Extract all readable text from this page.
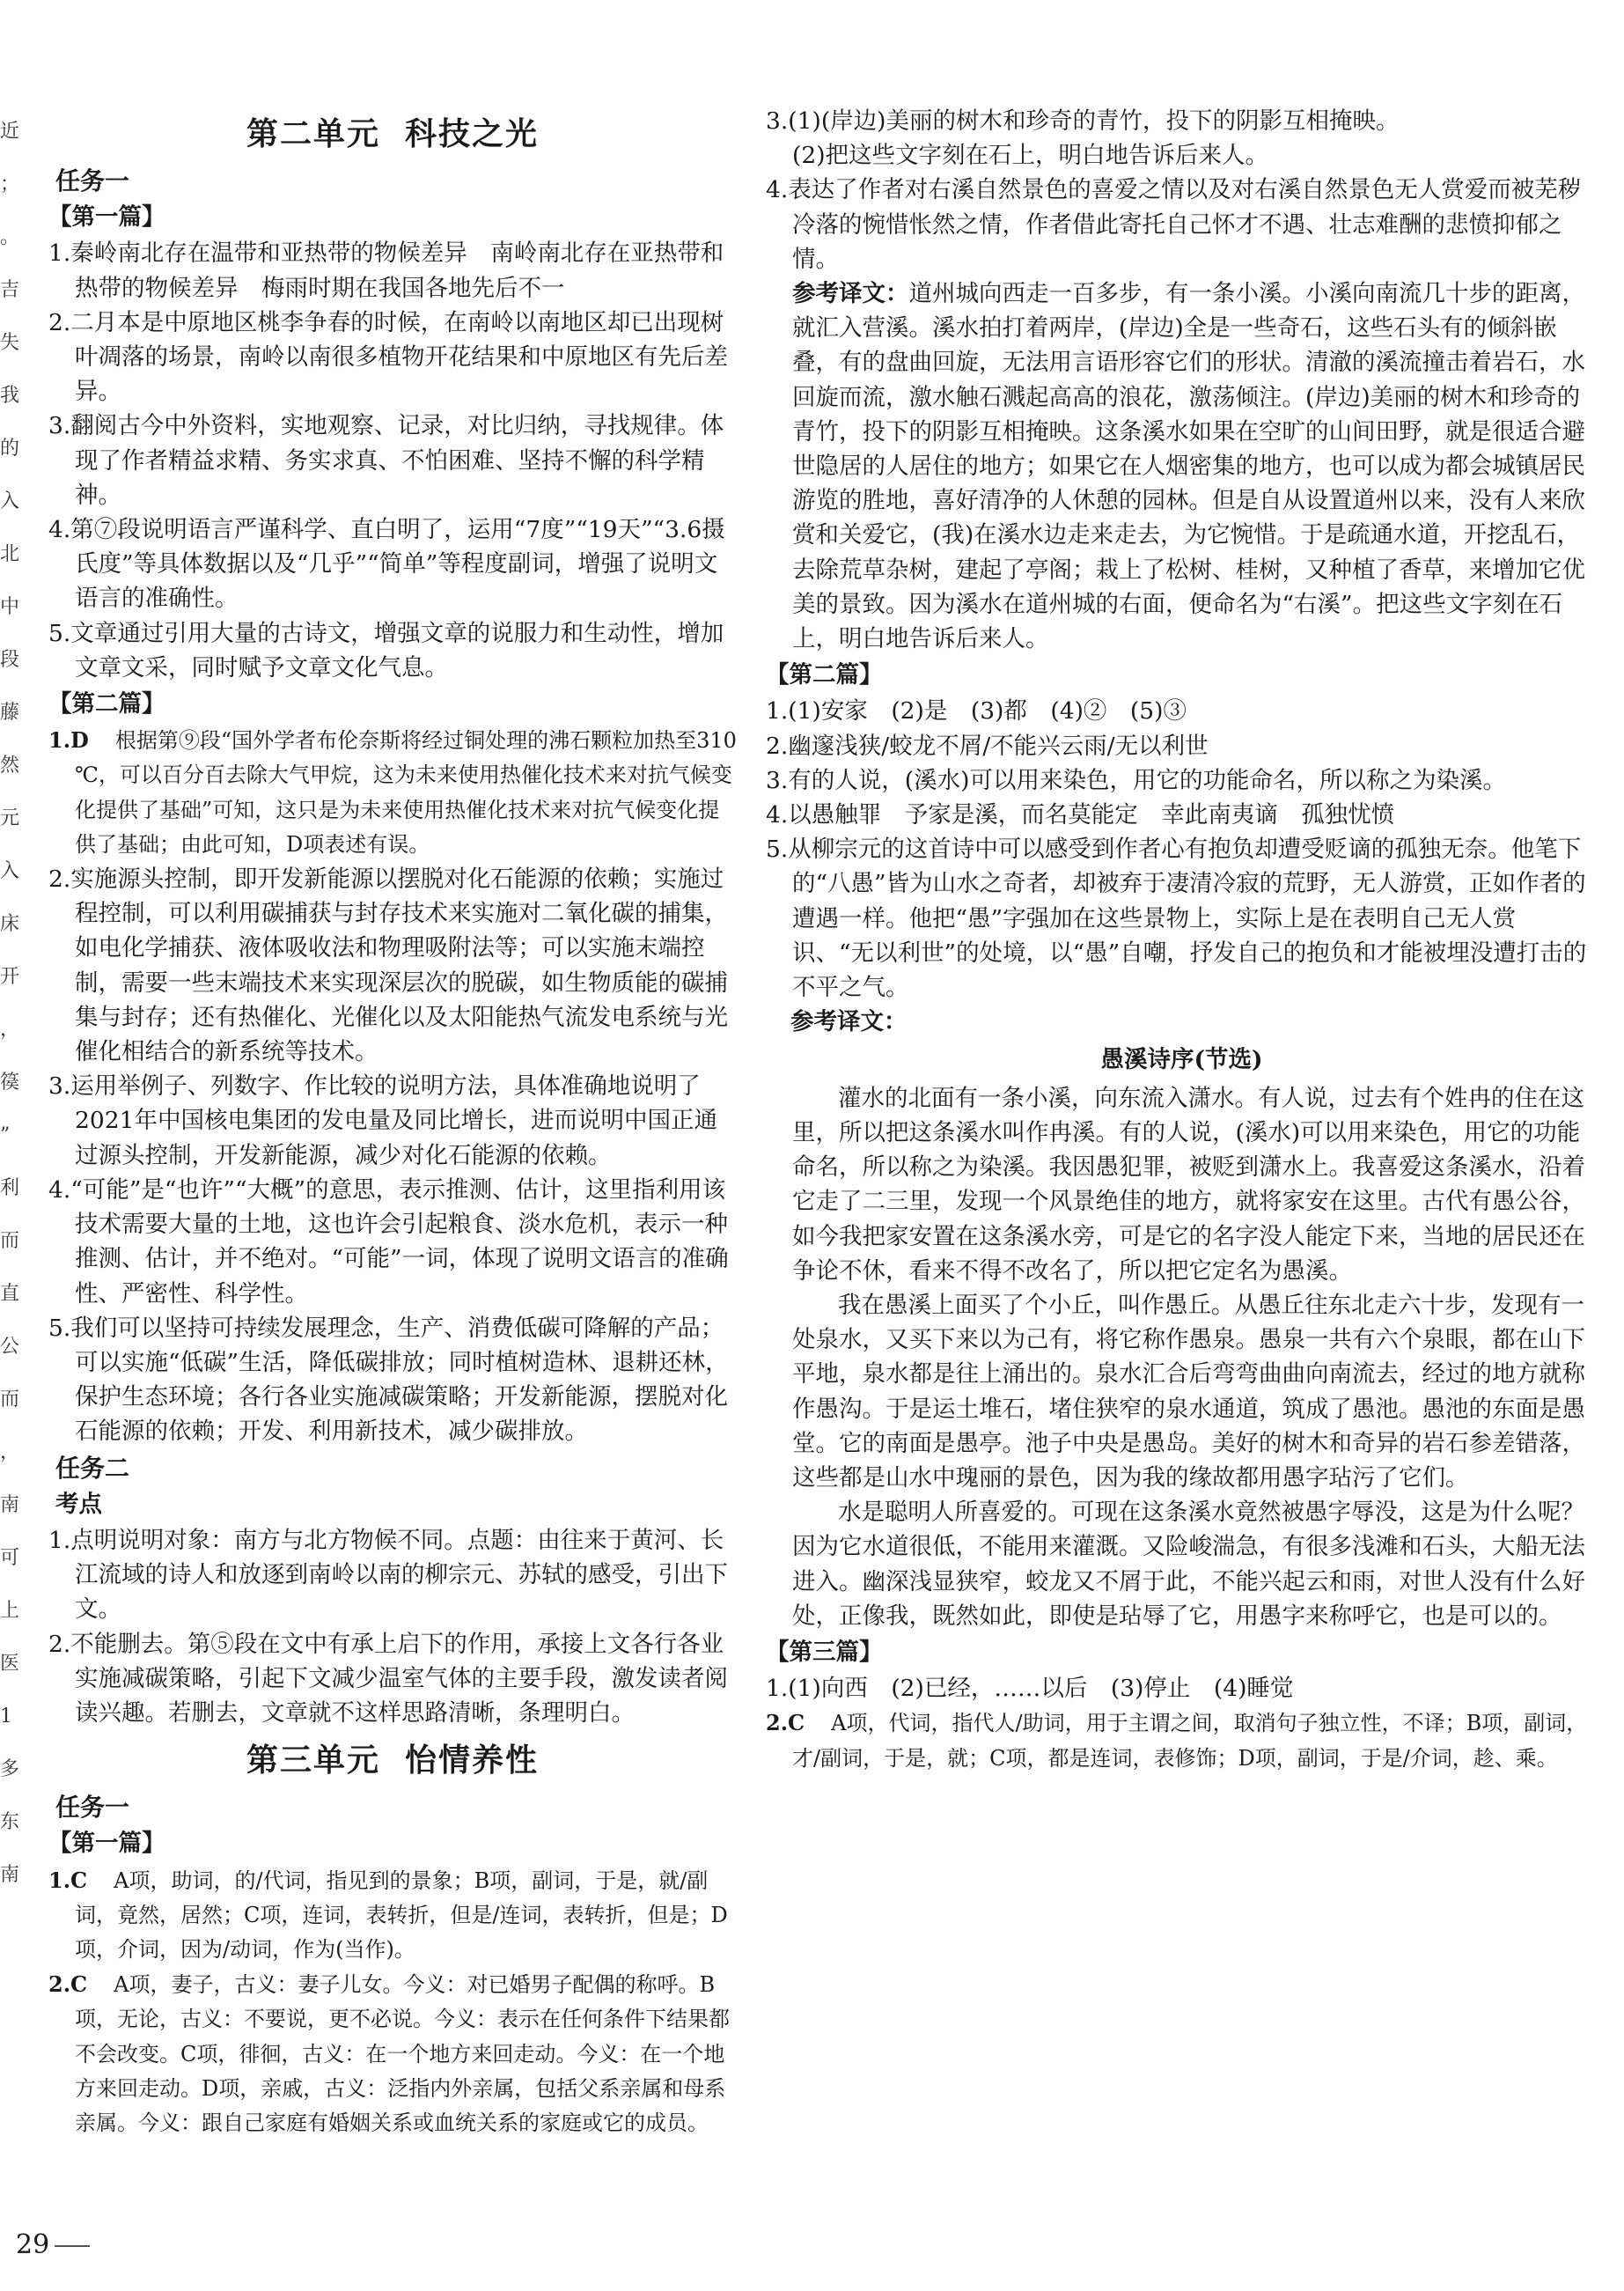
近
；
。
吉
失
我
的
入
北
中
段
藤
然
元
入
床
开
，
篌
”
利
而
直
公
而
，
南
可
上
医
1
多
东
南
第二单元 科技之光
任务一
【第一篇】

1.秦岭南北存在温带和亚热带的物候差异　南岭南北存在亚热带和热带的物候差异　梅雨时期在我国各地先后不一

2.二月本是中原地区桃李争春的时候，在南岭以南地区却已出现树叶凋落的场景，南岭以南很多植物开花结果和中原地区有先后差异。

3.翻阅古今中外资料，实地观察、记录，对比归纳，寻找规律。体现了作者精益求精、务实求真、不怕困难、坚持不懈的科学精神。

4.第⑦段说明语言严谨科学、直白明了，运用“7度”“19天”“3.6摄氏度”等具体数据以及“几乎”“简单”等程度副词，增强了说明文语言的准确性。

5.文章通过引用大量的古诗文，增强文章的说服力和生动性，增加文章文采，同时赋予文章文化气息。

【第二篇】

1.D 根据第⑨段“国外学者布伦奈斯将经过铜处理的沸石颗粒加热至310 ℃，可以百分百去除大气甲烷，这为未来使用热催化技术来对抗气候变化提供了基础”可知，这只是为未来使用热催化技术来对抗气候变化提供了基础；由此可知，D项表述有误。

2.实施源头控制，即开发新能源以摆脱对化石能源的依赖；实施过程控制，可以利用碳捕获与封存技术来实施对二氧化碳的捕集，如电化学捕获、液体吸收法和物理吸附法等；可以实施末端控制，需要一些末端技术来实现深层次的脱碳，如生物质能的碳捕集与封存；还有热催化、光催化以及太阳能热气流发电系统与光催化相结合的新系统等技术。

3.运用举例子、列数字、作比较的说明方法，具体准确地说明了2021年中国核电集团的发电量及同比增长，进而说明中国正通过源头控制，开发新能源，减少对化石能源的依赖。

4.“可能”是“也许”“大概”的意思，表示推测、估计，这里指利用该技术需要大量的土地，这也许会引起粮食、淡水危机，表示一种推测、估计，并不绝对。“可能”一词，体现了说明文语言的准确性、严密性、科学性。

5.我们可以坚持可持续发展理念，生产、消费低碳可降解的产品；可以实施“低碳”生活，降低碳排放；同时植树造林、退耕还林，保护生态环境；各行各业实施减碳策略；开发新能源，摆脱对化石能源的依赖；开发、利用新技术，减少碳排放。

任务二
考点

1.点明说明对象：南方与北方物候不同。点题：由往来于黄河、长江流域的诗人和放逐到南岭以南的柳宗元、苏轼的感受，引出下文。

2.不能删去。第⑤段在文中有承上启下的作用，承接上文各行各业实施减碳策略，引起下文减少温室气体的主要手段，激发读者阅读兴趣。若删去，文章就不这样思路清晰，条理明白。

第三单元 怡情养性
任务一
【第一篇】

1.C A项，助词，的/代词，指见到的景象；B项，副词，于是，就/副词，竟然，居然；C项，连词，表转折，但是/连词，表转折，但是；D项，介词，因为/动词，作为(当作)。

2.C A项，妻子，古义：妻子儿女。今义：对已婚男子配偶的称呼。B项，无论，古义：不要说，更不必说。今义：表示在任何条件下结果都不会改变。C项，徘徊，古义：在一个地方来回走动。今义：在一个地方来回走动。D项，亲戚，古义：泛指内外亲属，包括父系亲属和母系亲属。今义：跟自己家庭有婚姻关系或血统关系的家庭或它的成员。

3.(1)(岸边)美丽的树木和珍奇的青竹，投下的阴影互相掩映。

(2)把这些文字刻在石上，明白地告诉后来人。

4.表达了作者对右溪自然景色的喜爱之情以及对右溪自然景色无人赏爱而被芜秽冷落的惋惜怅然之情，作者借此寄托自己怀才不遇、壮志难酬的悲愤抑郁之情。

参考译文：道州城向西走一百多步，有一条小溪。小溪向南流几十步的距离，就汇入营溪。溪水拍打着两岸，(岸边)全是一些奇石，这些石头有的倾斜嵌叠，有的盘曲回旋，无法用言语形容它们的形状。清澈的溪流撞击着岩石，水回旋而流，激水触石溅起高高的浪花，激荡倾注。(岸边)美丽的树木和珍奇的青竹，投下的阴影互相掩映。这条溪水如果在空旷的山间田野，就是很适合避世隐居的人居住的地方；如果它在人烟密集的地方，也可以成为都会城镇居民游览的胜地，喜好清净的人休憩的园林。但是自从设置道州以来，没有人来欣赏和关爱它，(我)在溪水边走来走去，为它惋惜。于是疏通水道，开挖乱石，去除荒草杂树，建起了亭阁；栽上了松树、桂树，又种植了香草，来增加它优美的景致。因为溪水在道州城的右面，便命名为“右溪”。把这些文字刻在石上，明白地告诉后来人。

【第二篇】

1.(1)安家　(2)是　(3)都　(4)②　(5)③

2.幽邃浅狭/蛟龙不屑/不能兴云雨/无以利世

3.有的人说，(溪水)可以用来染色，用它的功能命名，所以称之为染溪。

4.以愚触罪　予家是溪，而名莫能定　幸此南夷谪　孤独忧愤

5.从柳宗元的这首诗中可以感受到作者心有抱负却遭受贬谪的孤独无奈。他笔下的“八愚”皆为山水之奇者，却被弃于凄清冷寂的荒野，无人游赏，正如作者的遭遇一样。他把“愚”字强加在这些景物上，实际上是在表明自己无人赏识、“无以利世”的处境，以“愚”自嘲，抒发自己的抱负和才能被埋没遭打击的不平之气。

参考译文：
愚溪诗序(节选)

灌水的北面有一条小溪，向东流入潇水。有人说，过去有个姓冉的住在这里，所以把这条溪水叫作冉溪。有的人说，(溪水)可以用来染色，用它的功能命名，所以称之为染溪。我因愚犯罪，被贬到潇水上。我喜爱这条溪水，沿着它走了二三里，发现一个风景绝佳的地方，就将家安在这里。古代有愚公谷，如今我把家安置在这条溪水旁，可是它的名字没人能定下来，当地的居民还在争论不休，看来不得不改名了，所以把它定名为愚溪。

我在愚溪上面买了个小丘，叫作愚丘。从愚丘往东北走六十步，发现有一处泉水，又买下来以为己有，将它称作愚泉。愚泉一共有六个泉眼，都在山下平地，泉水都是往上涌出的。泉水汇合后弯弯曲曲向南流去，经过的地方就称作愚沟。于是运土堆石，堵住狭窄的泉水通道，筑成了愚池。愚池的东面是愚堂。它的南面是愚亭。池子中央是愚岛。美好的树木和奇异的岩石参差错落，这些都是山水中瑰丽的景色，因为我的缘故都用愚字玷污了它们。

水是聪明人所喜爱的。可现在这条溪水竟然被愚字辱没，这是为什么呢？因为它水道很低，不能用来灌溉。又险峻湍急，有很多浅滩和石头，大船无法进入。幽深浅显狭窄，蛟龙又不屑于此，不能兴起云和雨，对世人没有什么好处，正像我，既然如此，即使是玷辱了它，用愚字来称呼它，也是可以的。

【第三篇】

1.(1)向西　(2)已经，……以后　(3)停止　(4)睡觉

2.C A项，代词，指代人/助词，用于主谓之间，取消句子独立性，不译；B项，副词，才/副词，于是，就；C项，都是连词，表修饰；D项，副词，于是/介词，趁、乘。

29
